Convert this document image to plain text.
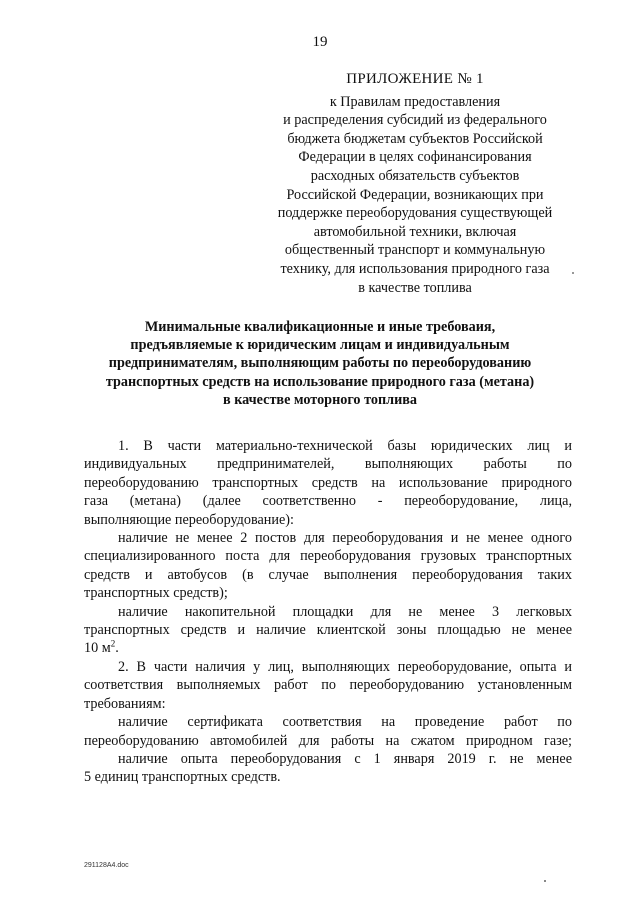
19
ПРИЛОЖЕНИЕ № 1
к Правилам предоставления
и распределения субсидий из федерального
бюджета бюджетам субъектов Российской
Федерации в целях софинансирования
расходных обязательств субъектов
Российской Федерации, возникающих при
поддержке переоборудования существующей
автомобильной техники, включая
общественный транспорт и коммунальную
технику, для использования природного газа
в качестве топлива
Минимальные квалификационные и иные требоваия,
предъявляемые к юридическим лицам и индивидуальным
предпринимателям, выполняющим работы по переоборудованию
транспортных средств на использование природного газа (метана)
в качестве моторного топлива
1. В части материально-технической базы юридических лиц и
индивидуальных предпринимателей, выполняющих работы по
переоборудованию транспортных средств на использование природного
газа (метана) (далее соответственно - переоборудование, лица,
выполняющие переоборудование):
наличие не менее 2 постов для переоборудования и не менее одного
специализированного поста для переоборудования грузовых транспортных
средств и автобусов (в случае выполнения переоборудования таких
транспортных средств);
наличие накопительной площадки для не менее 3 легковых
транспортных средств и наличие клиентской зоны площадью не менее
10 $м^2$.
2. В части наличия у лиц, выполняющих переоборудование, опыта и
соответствия выполняемых работ по переоборудованию установленным
требованиям:
наличие сертификата соответствия на проведение работ по
переоборудованию автомобилей для работы на сжатом природном газе;
наличие опыта переоборудования с 1 января 2019 г. не менее
5 единиц транспортных средств.
291128A4.doc
